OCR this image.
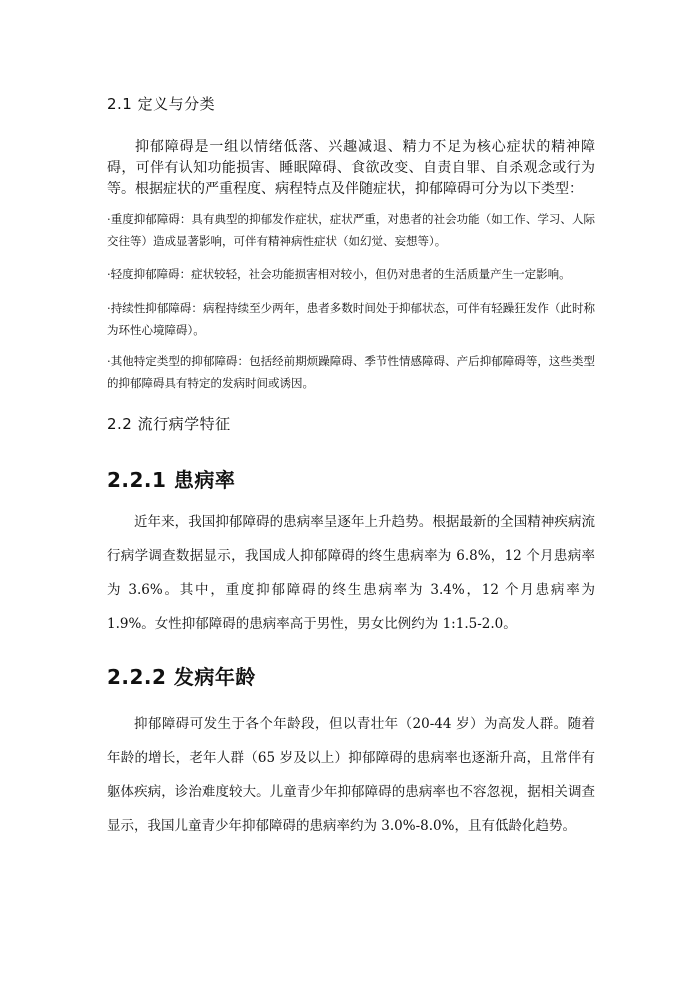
2.1 定义与分类

抑郁障碍是一组以情绪低落、兴趣减退、精力不足为核心症状的精神障碍，可伴有认知功能损害、睡眠障碍、食欲改变、自责自罪、自杀观念或行为等。根据症状的严重程度、病程特点及伴随症状，抑郁障碍可分为以下类型：

·重度抑郁障碍：具有典型的抑郁发作症状，症状严重，对患者的社会功能（如工作、学习、人际交往等）造成显著影响，可伴有精神病性症状（如幻觉、妄想等）。

·轻度抑郁障碍：症状较轻，社会功能损害相对较小，但仍对患者的生活质量产生一定影响。

·持续性抑郁障碍：病程持续至少两年，患者多数时间处于抑郁状态，可伴有轻躁狂发作（此时称为环性心境障碍）。

·其他特定类型的抑郁障碍：包括经前期烦躁障碍、季节性情感障碍、产后抑郁障碍等，这些类型的抑郁障碍具有特定的发病时间或诱因。

2.2 流行病学特征
2.2.1 患病率

近年来，我国抑郁障碍的患病率呈逐年上升趋势。根据最新的全国精神疾病流行病学调查数据显示，我国成人抑郁障碍的终生患病率为 6.8%，12 个月患病率为 3.6%。其中，重度抑郁障碍的终生患病率为 3.4%，12 个月患病率为 1.9%。女性抑郁障碍的患病率高于男性，男女比例约为 1:1.5-2.0。

2.2.2 发病年龄

抑郁障碍可发生于各个年龄段，但以青壮年（20-44 岁）为高发人群。随着年龄的增长，老年人群（65 岁及以上）抑郁障碍的患病率也逐渐升高，且常伴有躯体疾病，诊治难度较大。儿童青少年抑郁障碍的患病率也不容忽视，据相关调查显示，我国儿童青少年抑郁障碍的患病率约为 3.0%-8.0%，且有低龄化趋势。
